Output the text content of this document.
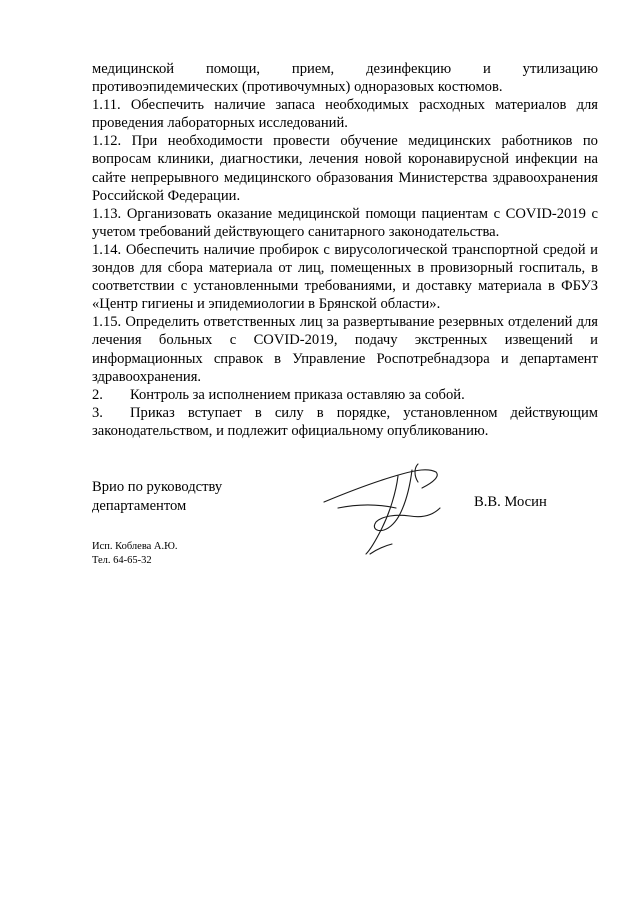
медицинской помощи, прием, дезинфекцию и утилизацию

противоэпидемических (противочумных) одноразовых костюмов.

1.11. Обеспечить наличие запаса необходимых расходных материалов для проведения лабораторных исследований.

1.12. При необходимости провести обучение медицинских работников по вопросам клиники, диагностики, лечения новой коронавирусной инфекции на сайте непрерывного медицинского образования Министерства здравоохранения Российской Федерации.

1.13. Организовать оказание медицинской помощи пациентам с COVID-2019 с учетом требований действующего санитарного законодательства.

1.14. Обеспечить наличие пробирок с вирусологической транспортной средой и зондов для сбора материала от лиц, помещенных в провизорный госпиталь, в соответствии с установленными требованиями, и доставку материала в ФБУЗ «Центр гигиены и эпидемиологии в Брянской области».

1.15. Определить ответственных лиц за развертывание резервных отделений для лечения больных с COVID-2019, подачу экстренных извещений и информационных справок в Управление Роспотребнадзора и департамент здравоохранения.

2. Контроль за исполнением приказа оставляю за собой.

3. Приказ вступает в силу в порядке, установленном действующим законодательством, и подлежит официальному опубликованию.

Врио по руководству
департаментом	В.В. Мосин
Исп. Коблева А.Ю.
Тел. 64-65-32
